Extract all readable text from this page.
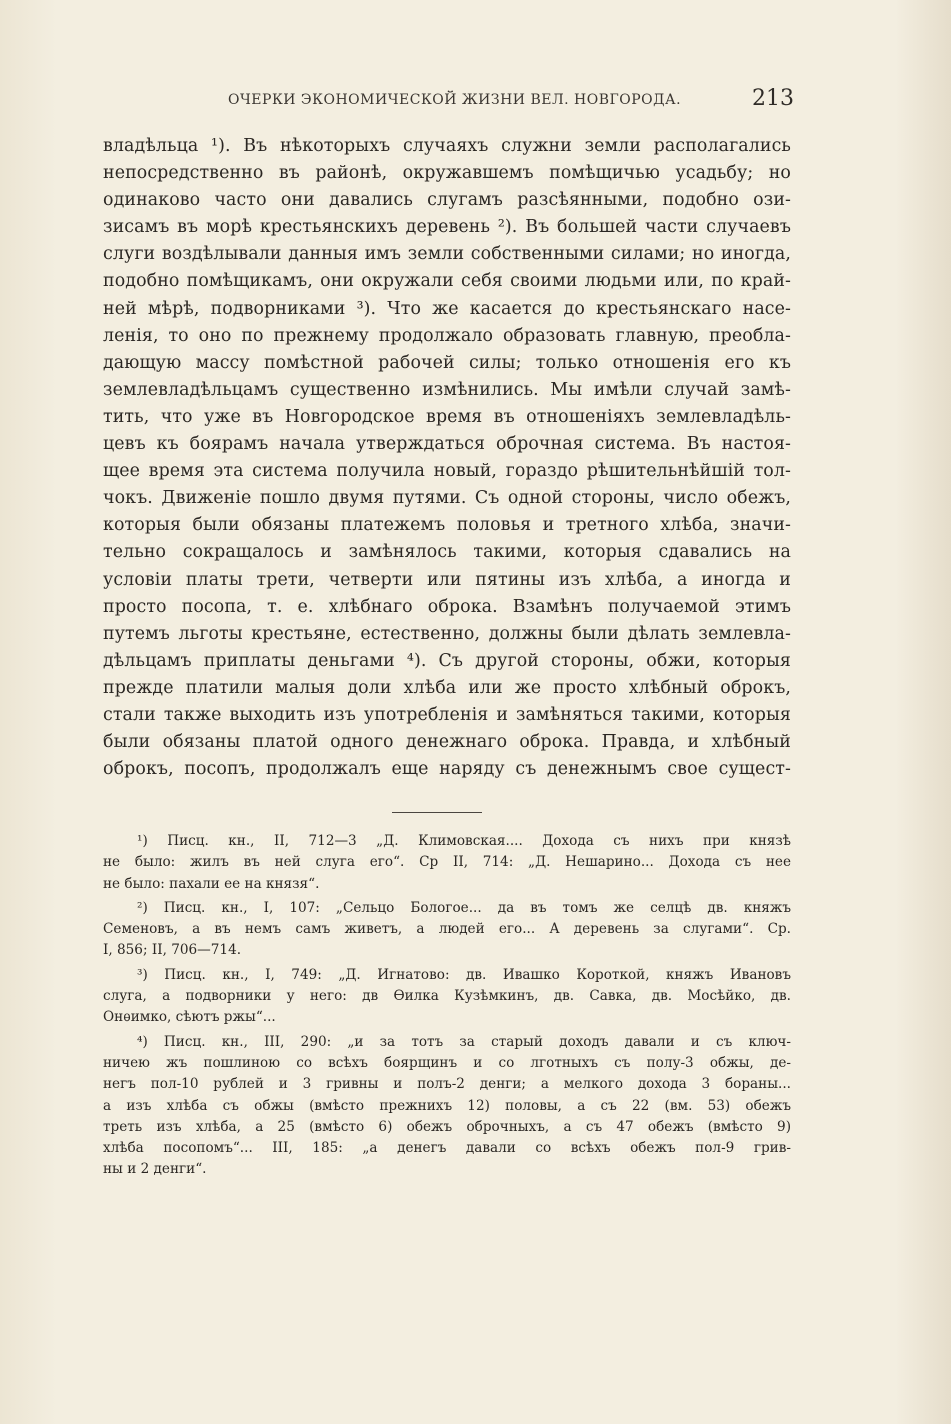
ОЧЕРКИ ЭКОНОМИЧЕСКОЙ ЖИЗНИ ВЕЛ. НОВГОРОДА.	213
владѣльца ¹). Въ нѣкоторыхъ случаяхъ служни земли располагались
непосредственно въ районѣ, окружавшемъ помѣщичью усадьбу; но
одинаково часто они давались слугамъ разсѣянными, подобно ози-
зисамъ въ морѣ крестьянскихъ деревень ²). Въ большей части случаевъ
слуги воздѣлывали данныя имъ земли собственными силами; но иногда,
подобно помѣщикамъ, они окружали себя своими людьми или, по край-
ней мѣрѣ, подворниками ³). Что же касается до крестьянскаго насе-
ленія, то оно по прежнему продолжало образовать главную, преобла-
дающую массу помѣстной рабочей силы; только отношенія его къ
землевладѣльцамъ существенно измѣнились. Мы имѣли случай замѣ-
тить, что уже въ Новгородское время въ отношеніяхъ землевладѣль-
цевъ къ боярамъ начала утверждаться оброчная система. Въ настоя-
щее время эта система получила новый, гораздо рѣшительнѣйшій тол-
чокъ. Движеніе пошло двумя путями. Съ одной стороны, число обежъ,
которыя были обязаны платежемъ половья и третного хлѣба, значи-
тельно сокращалось и замѣнялось такими, которыя сдавались на
условіи платы трети, четверти или пятины изъ хлѣба, а иногда и
просто посопа, т. е. хлѣбнаго оброка. Взамѣнъ получаемой этимъ
путемъ льготы крестьяне, естественно, должны были дѣлать землевла-
дѣльцамъ приплаты деньгами ⁴). Съ другой стороны, обжи, которыя
прежде платили малыя доли хлѣба или же просто хлѣбный оброкъ,
стали также выходить изъ употребленія и замѣняться такими, которыя
были обязаны платой одного денежнаго оброка. Правда, и хлѣбный
оброкъ, посопъ, продолжалъ еще наряду съ денежнымъ свое сущест-
¹) Писц. кн., II, 712—3 „Д. Климовская.... Дохода съ нихъ при князѣ
не было: жилъ въ ней слуга его“. Ср II, 714: „Д. Нешарино... Дохода съ нее
не было: пахали ее на князя“.
²) Писц. кн., I, 107: „Сельцо Бологое... да въ томъ же селцѣ дв. княжъ
Семеновъ, а въ немъ самъ живетъ, а людей его... А деревень за слугами“. Ср.
I, 856; II, 706—714.
³) Писц. кн., I, 749: „Д. Игнатово: дв. Ивашко Короткой, княжъ Ивановъ
слуга, а подворники у него: дв Ѳилка Кузѣмкинъ, дв. Савка, дв. Мосѣйко, дв.
Онѳимко, сѣютъ ржы“...
⁴) Писц. кн., III, 290: „и за тотъ за старый доходъ давали и съ ключ-
ничею жъ пошлиною со всѣхъ боярщинъ и со лготныхъ съ полу-3 обжы, де-
негъ пол-10 рублей и 3 гривны и полъ-2 денги; а мелкого дохода 3 бораны...
а изъ хлѣба съ обжы (вмѣсто прежнихъ 12) половы, а съ 22 (вм. 53) обежъ
треть изъ хлѣба, а 25 (вмѣсто 6) обежъ оброчныхъ, а съ 47 обежъ (вмѣсто 9)
хлѣба посопомъ“... III, 185: „а денегъ давали со всѣхъ обежъ пол-9 грив-
ны и 2 денги“.
